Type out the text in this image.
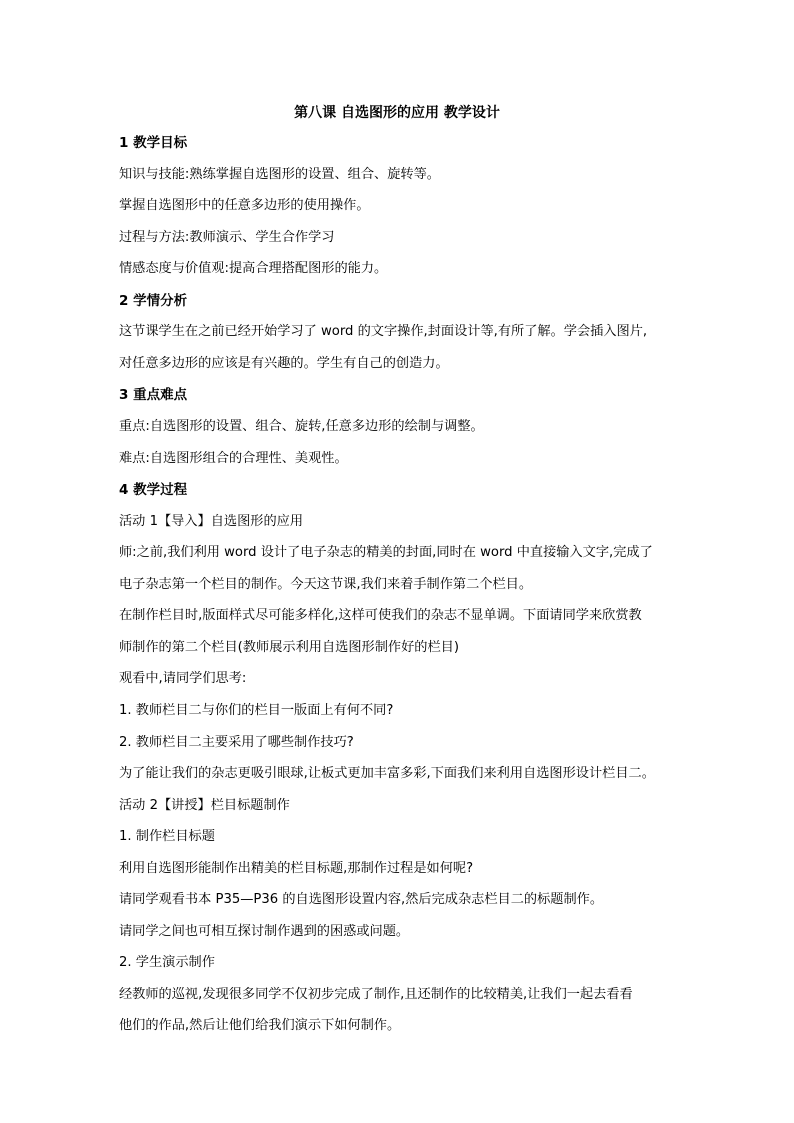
第八课 自选图形的应用 教学设计
1 教学目标
知识与技能:熟练掌握自选图形的设置、组合、旋转等。
掌握自选图形中的任意多边形的使用操作。
过程与方法:教师演示、学生合作学习
情感态度与价值观:提高合理搭配图形的能力。
2 学情分析
这节课学生在之前已经开始学习了 word 的文字操作,封面设计等,有所了解。学会插入图片,
对任意多边形的应该是有兴趣的。学生有自己的创造力。
3 重点难点
重点:自选图形的设置、组合、旋转,任意多边形的绘制与调整。
难点:自选图形组合的合理性、美观性。
4 教学过程
活动 1【导入】自选图形的应用
师:之前,我们利用 word 设计了电子杂志的精美的封面,同时在 word 中直接输入文字,完成了
电子杂志第一个栏目的制作。今天这节课,我们来着手制作第二个栏目。
在制作栏目时,版面样式尽可能多样化,这样可使我们的杂志不显单调。下面请同学来欣赏教
师制作的第二个栏目(教师展示利用自选图形制作好的栏目)
观看中,请同学们思考:
1. 教师栏目二与你们的栏目一版面上有何不同?
2. 教师栏目二主要采用了哪些制作技巧?
为了能让我们的杂志更吸引眼球,让板式更加丰富多彩,下面我们来利用自选图形设计栏目二。
活动 2【讲授】栏目标题制作
1. 制作栏目标题
利用自选图形能制作出精美的栏目标题,那制作过程是如何呢?
请同学观看书本 P35—P36 的自选图形设置内容,然后完成杂志栏目二的标题制作。
请同学之间也可相互探讨制作遇到的困惑或问题。
2. 学生演示制作
经教师的巡视,发现很多同学不仅初步完成了制作,且还制作的比较精美,让我们一起去看看
他们的作品,然后让他们给我们演示下如何制作。
